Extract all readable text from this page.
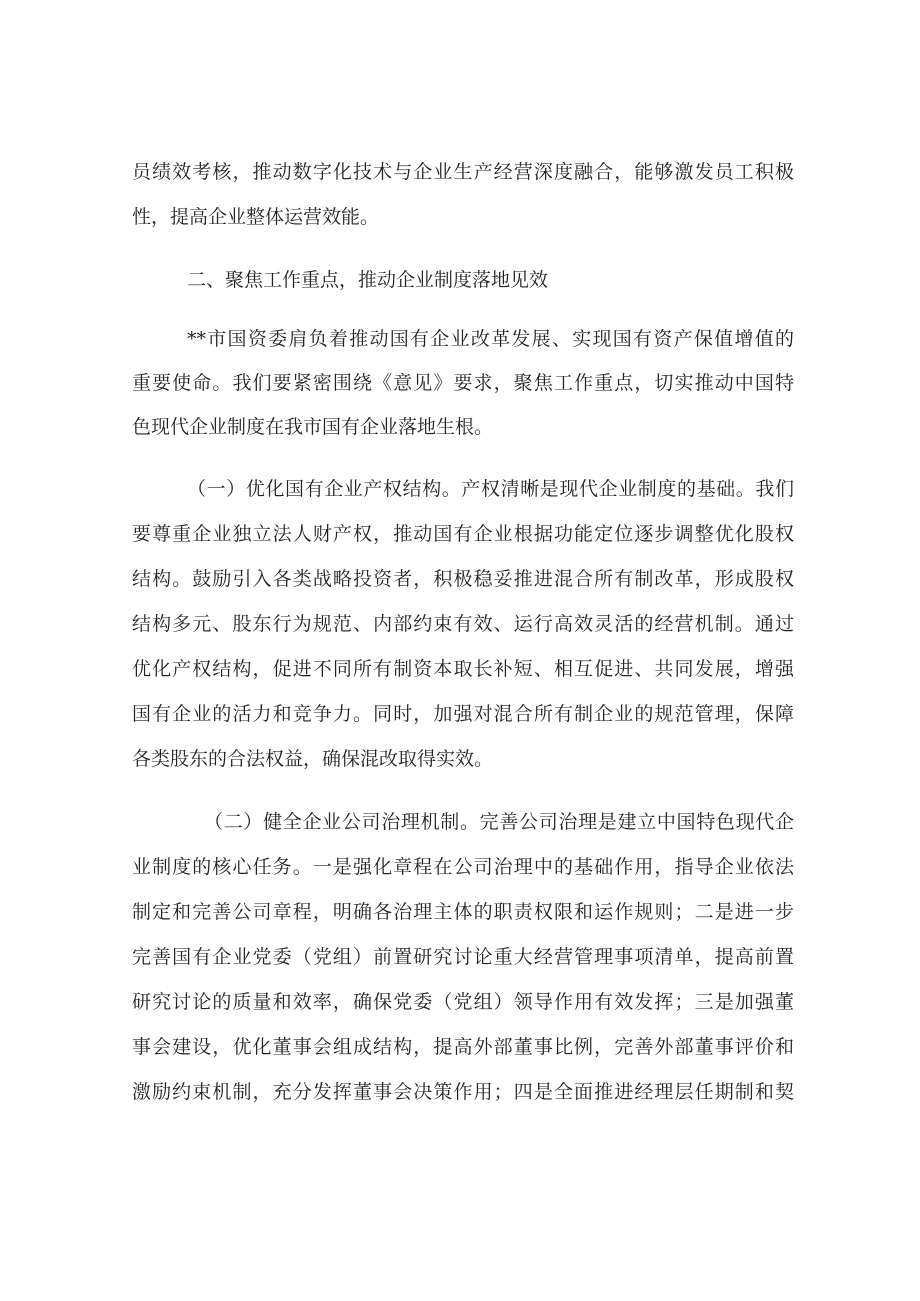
员绩效考核，推动数字化技术与企业生产经营深度融合，能够激发员工积极

性，提高企业整体运营效能。

二、聚焦工作重点，推动企业制度落地见效

**市国资委肩负着推动国有企业改革发展、实现国有资产保值增值的

重要使命。我们要紧密围绕《意见》要求，聚焦工作重点，切实推动中国特

色现代企业制度在我市国有企业落地生根。

（一）优化国有企业产权结构。产权清晰是现代企业制度的基础。我们

要尊重企业独立法人财产权，推动国有企业根据功能定位逐步调整优化股权

结构。鼓励引入各类战略投资者，积极稳妥推进混合所有制改革，形成股权

结构多元、股东行为规范、内部约束有效、运行高效灵活的经营机制。通过

优化产权结构，促进不同所有制资本取长补短、相互促进、共同发展，增强

国有企业的活力和竞争力。同时，加强对混合所有制企业的规范管理，保障

各类股东的合法权益，确保混改取得实效。

（二）健全企业公司治理机制。完善公司治理是建立中国特色现代企

业制度的核心任务。一是强化章程在公司治理中的基础作用，指导企业依法

制定和完善公司章程，明确各治理主体的职责权限和运作规则；二是进一步

完善国有企业党委（党组）前置研究讨论重大经营管理事项清单，提高前置

研究讨论的质量和效率，确保党委（党组）领导作用有效发挥；三是加强董

事会建设，优化董事会组成结构，提高外部董事比例，完善外部董事评价和

激励约束机制，充分发挥董事会决策作用；四是全面推进经理层任期制和契
